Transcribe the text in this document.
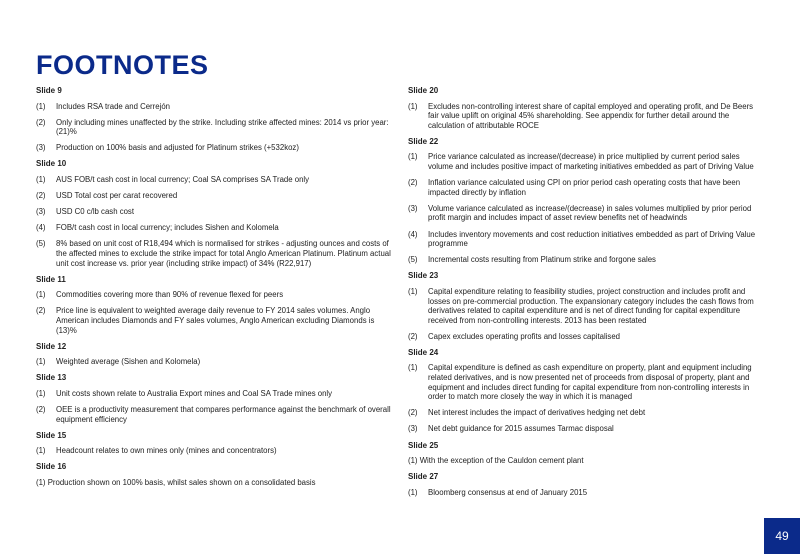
FOOTNOTES
Slide 9
(1)	Includes RSA trade and Cerrejón
(2)	Only including mines unaffected by the strike. Including strike affected mines: 2014 vs prior year: (21)%
(3)	Production on 100% basis and adjusted for Platinum strikes (+532koz)
Slide 10
(1)	AUS FOB/t cash cost in local currency; Coal SA comprises SA Trade only
(2)	USD Total cost per carat recovered
(3)	USD C0 c/lb cash cost
(4)	FOB/t cash cost in local currency; includes Sishen and Kolomela
(5)	8% based on unit cost of R18,494 which is normalised for strikes - adjusting ounces and costs of the affected mines to exclude the strike impact for total Anglo American Platinum. Platinum actual unit cost increase vs. prior year (including strike impact) of 34% (R22,917)
Slide 11
(1)	Commodities covering more than 90% of revenue flexed for peers
(2)	Price line is equivalent to weighted average daily revenue to FY 2014 sales volumes. Anglo American includes Diamonds and FY sales volumes, Anglo American excluding Diamonds is (13)%
Slide 12
(1)	Weighted average (Sishen and Kolomela)
Slide 13
(1)	Unit costs shown relate to Australia Export mines and Coal SA Trade mines only
(2)	OEE is a productivity measurement that compares performance against the benchmark of overall equipment efficiency
Slide 15
(1)	Headcount relates to own mines only (mines and concentrators)
Slide 16
(1) Production shown on 100% basis, whilst sales shown on a consolidated basis
Slide 20
(1)	Excludes non-controlling interest share of capital employed and operating profit, and De Beers fair value uplift on original 45% shareholding. See appendix for further detail around the calculation of attributable ROCE
Slide 22
(1)	Price variance calculated as increase/(decrease) in price multiplied by current period sales volume and includes positive impact of marketing initiatives embedded as part of Driving Value
(2)	Inflation variance calculated using CPI on prior period cash operating costs that have been impacted directly by inflation
(3)	Volume variance calculated as increase/(decrease) in sales volumes multiplied by prior period profit margin and includes impact of asset review benefits net of headwinds
(4)	Includes inventory movements and cost reduction initiatives embedded as part of Driving Value programme
(5)	Incremental costs resulting from Platinum strike and forgone sales
Slide 23
(1)	Capital expenditure relating to feasibility studies, project construction and includes profit and losses on pre-commercial production. The expansionary category includes the cash flows from derivatives related to capital expenditure and is net of direct funding for capital expenditure received from non-controlling interests. 2013 has been restated
(2)	Capex excludes operating profits and losses capitalised
Slide 24
(1)	Capital expenditure is defined as cash expenditure on property, plant and equipment including related derivatives, and is now presented net of proceeds from disposal of property, plant and equipment and includes direct funding for capital expenditure from non-controlling interests in order to match more closely the way in which it is managed
(2)	Net interest includes the impact of derivatives hedging net debt
(3)	Net debt guidance for 2015 assumes Tarmac disposal
Slide 25
(1) With the exception of the Cauldon cement plant
Slide 27
(1)	Bloomberg consensus at end of January 2015
49
